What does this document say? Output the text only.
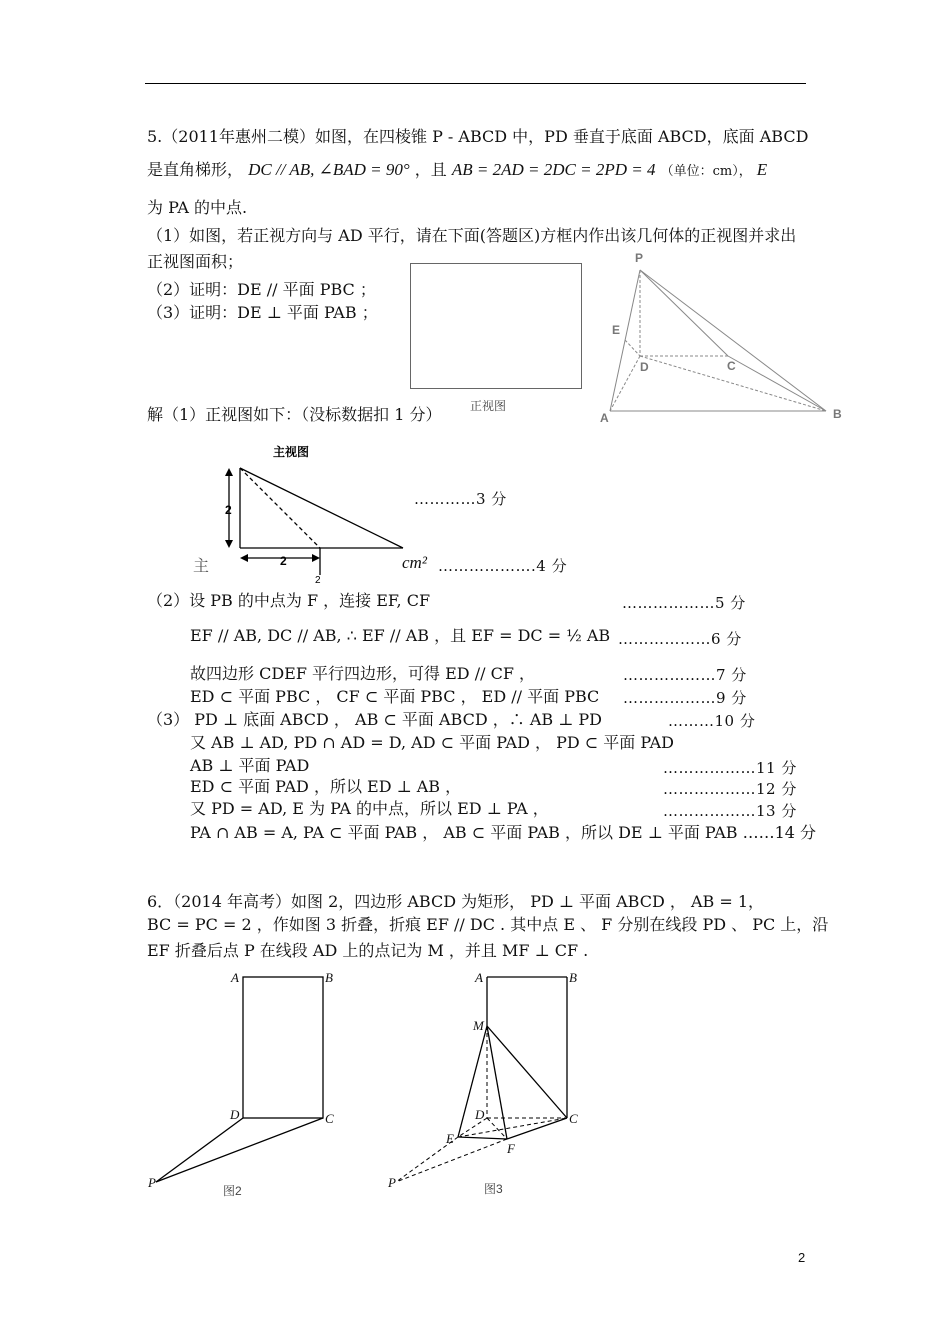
5.（2011年惠州二模）如图，在四棱锥 P - ABCD 中，PD 垂直于底面 ABCD，底面 ABCD
是直角梯形， DC // AB, ∠BAD = 90° ，且 AB = 2AD = 2DC = 2PD = 4 （单位：cm）， E
为 PA 的中点.
（1）如图，若正视方向与 AD 平行，请在下面(答题区)方框内作出该几何体的正视图并求出
正视图面积；
（2）证明：DE // 平面 PBC ；
（3）证明：DE ⊥ 平面 PAB ；
正视图
P
E
D	C
A	B
解（1）正视图如下：（没标数据扣 1 分）
主视图
2
2
2
主	cm²
…………3 分
……………….4 分
（2）设 PB 的中点为 F ，连接 EF, CF	………………5 分
EF // AB, DC // AB, ∴ EF // AB ，且 EF = DC = ½ AB ………………6 分
故四边形 CDEF 平行四边形，可得 ED // CF ，	………………7 分
ED ⊂ 平面 PBC ， CF ⊂ 平面 PBC ， ED // 平面 PBC ………………9 分
（3） PD ⊥ 底面 ABCD ， AB ⊂ 平面 ABCD ，∴ AB ⊥ PD	………10 分
又 AB ⊥ AD, PD ∩ AD = D, AD ⊂ 平面 PAD ， PD ⊂ 平面 PAD
AB ⊥ 平面 PAD	………………11 分
ED ⊂ 平面 PAD ，所以 ED ⊥ AB ，	………………12 分
又 PD = AD, E 为 PA 的中点，所以 ED ⊥ PA ，	………………13 分
PA ∩ AB = A, PA ⊂ 平面 PAB ， AB ⊂ 平面 PAB ，所以 DE ⊥ 平面 PAB ……14 分
6．（2014 年高考）如图 2，四边形 ABCD 为矩形， PD ⊥ 平面 ABCD ， AB = 1，
BC = PC = 2 ，作如图 3 折叠，折痕 EF // DC . 其中点 E 、 F 分别在线段 PD 、 PC 上，沿
EF 折叠后点 P 在线段 AD 上的点记为 M ，并且 MF ⊥ CF .
A	B
D	C
P
图2
A	B
M
D	C
E
F
P	图3
2
